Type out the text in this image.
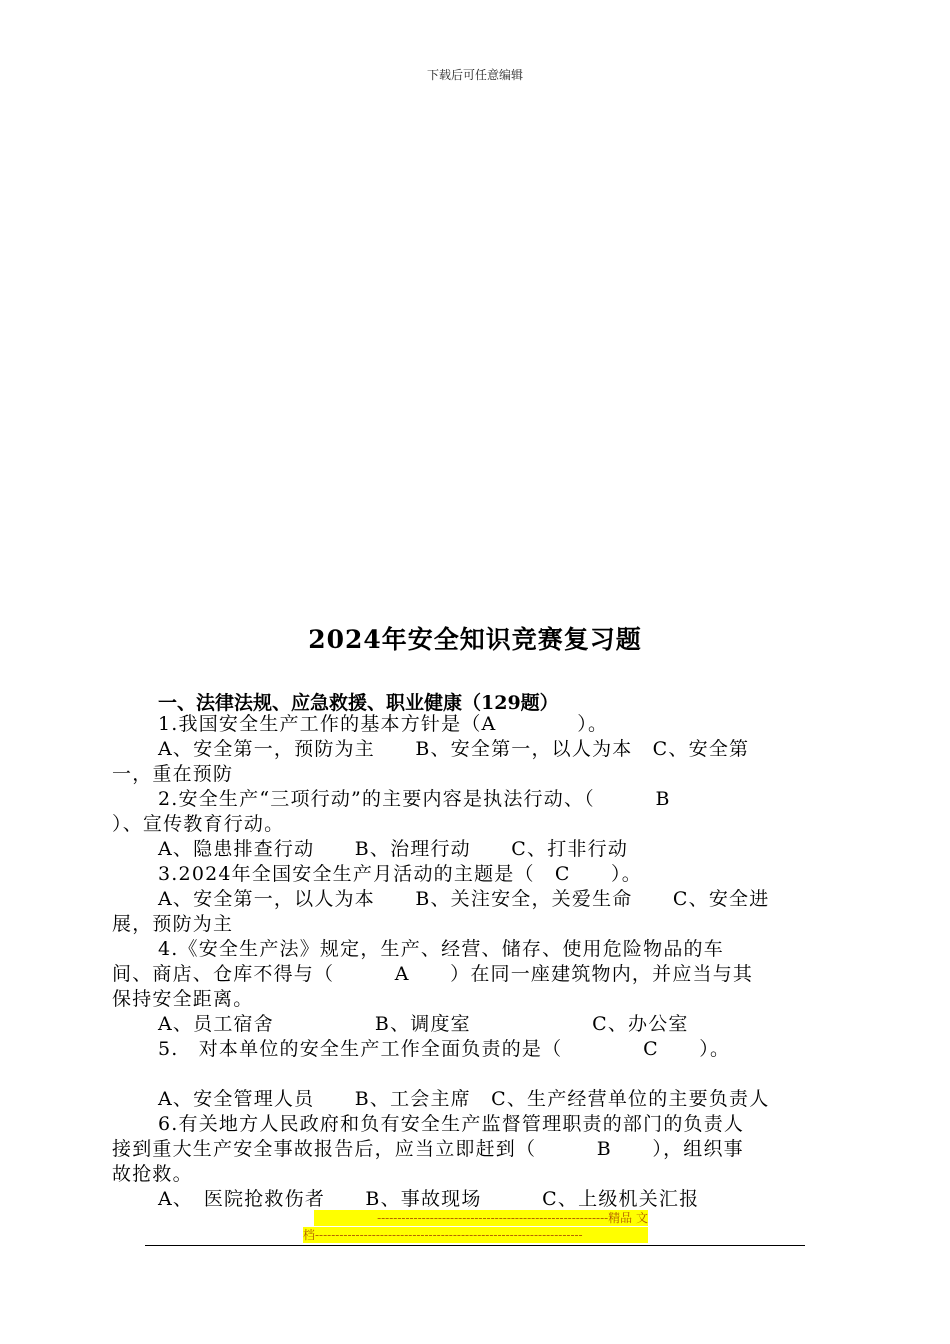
下载后可任意编辑
2024年安全知识竞赛复习题
一、法律法规、应急救援、职业健康（129题）
1.我国安全生产工作的基本方针是（A　　　　）。
A、安全第一，预防为主　　B、安全第一，以人为本　C、安全第
一，重在预防
2.安全生产“三项行动”的主要内容是执法行动、（　　　B
）、宣传教育行动。
A、隐患排查行动　　B、治理行动　　C、打非行动
3.2024年全国安全生产月活动的主题是（　C　　）。
A、安全第一，以人为本　　B、关注安全，关爱生命　　C、安全进
展，预防为主
4.《安全生产法》规定，生产、经营、储存、使用危险物品的车
间、商店、仓库不得与（　　　A　　）在同一座建筑物内，并应当与其
保持安全距离。
A、员工宿舍　　　　　B、调度室　　　　　　C、办公室
5.　对本单位的安全生产工作全面负责的是（　　　　C　　）。
A、安全管理人员　　B、工会主席　C、生产经营单位的主要负责人
6.有关地方人民政府和负有安全生产监督管理职责的部门的负责人
接到重大生产安全事故报告后，应当立即赶到（　　　B　　），组织事
故抢救。
A、　医院抢救伤者　　B、事故现场　　　C、上级机关汇报
---------------------------------------------------------精品 文
档------------------------------------------------------------------
